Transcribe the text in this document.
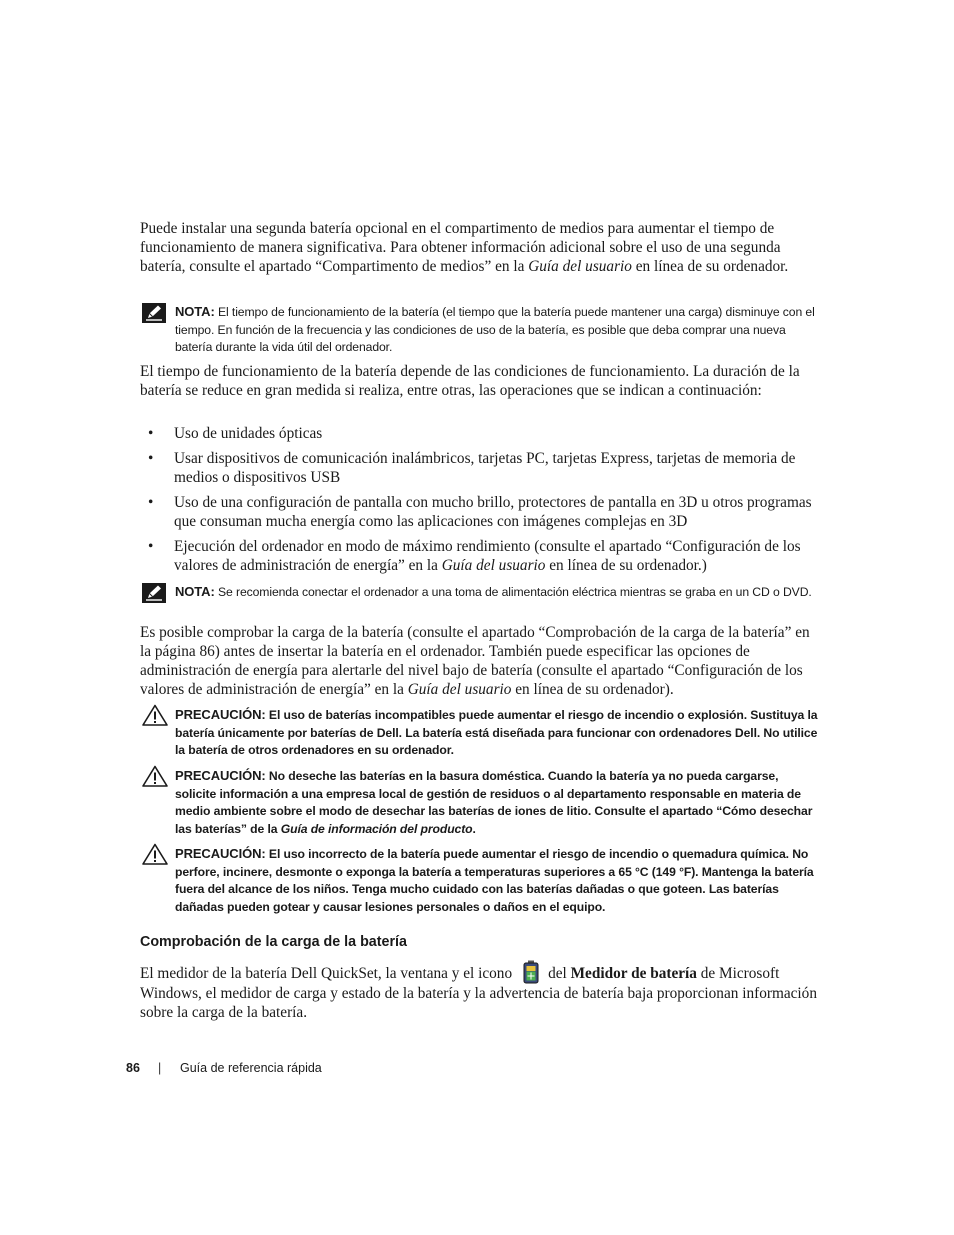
Puede instalar una segunda batería opcional en el compartimento de medios para aumentar el tiempo de funcionamiento de manera significativa. Para obtener información adicional sobre el uso de una segunda batería, consulte el apartado “Compartimento de medios” en la Guía del usuario en línea de su ordenador.
NOTA: El tiempo de funcionamiento de la batería (el tiempo que la batería puede mantener una carga) disminuye con el tiempo. En función de la frecuencia y las condiciones de uso de la batería, es posible que deba comprar una nueva batería durante la vida útil del ordenador.
El tiempo de funcionamiento de la batería depende de las condiciones de funcionamiento. La duración de la batería se reduce en gran medida si realiza, entre otras, las operaciones que se indican a continuación:
• Uso de unidades ópticas
• Usar dispositivos de comunicación inalámbricos, tarjetas PC, tarjetas Express, tarjetas de memoria de medios o dispositivos USB
• Uso de una configuración de pantalla con mucho brillo, protectores de pantalla en 3D u otros programas que consuman mucha energía como las aplicaciones con imágenes complejas en 3D
• Ejecución del ordenador en modo de máximo rendimiento (consulte el apartado “Configuración de los valores de administración de energía” en la Guía del usuario en línea de su ordenador.)
NOTA: Se recomienda conectar el ordenador a una toma de alimentación eléctrica mientras se graba en un CD o DVD.
Es posible comprobar la carga de la batería (consulte el apartado “Comprobación de la carga de la batería” en la página 86) antes de insertar la batería en el ordenador. También puede especificar las opciones de administración de energía para alertarle del nivel bajo de batería (consulte el apartado “Configuración de los valores de administración de energía” en la Guía del usuario en línea de su ordenador).
PRECAUCIÓN: El uso de baterías incompatibles puede aumentar el riesgo de incendio o explosión. Sustituya la batería únicamente por baterías de Dell. La batería está diseñada para funcionar con ordenadores Dell. No utilice la batería de otros ordenadores en su ordenador.
PRECAUCIÓN: No deseche las baterías en la basura doméstica. Cuando la batería ya no pueda cargarse, solicite información a una empresa local de gestión de residuos o al departamento responsable en materia de medio ambiente sobre el modo de desechar las baterías de iones de litio. Consulte el apartado “Cómo desechar las baterías” de la Guía de información del producto.
PRECAUCIÓN: El uso incorrecto de la batería puede aumentar el riesgo de incendio o quemadura química. No perfore, incinere, desmonte o exponga la batería a temperaturas superiores a 65 °C (149 °F). Mantenga la batería fuera del alcance de los niños. Tenga mucho cuidado con las baterías dañadas o que goteen. Las baterías dañadas pueden gotear y causar lesiones personales o daños en el equipo.
Comprobación de la carga de la batería
El medidor de la batería Dell QuickSet, la ventana y el icono del Medidor de batería de Microsoft Windows, el medidor de carga y estado de la batería y la advertencia de batería baja proporcionan información sobre la carga de la batería.
86 | Guía de referencia rápida
